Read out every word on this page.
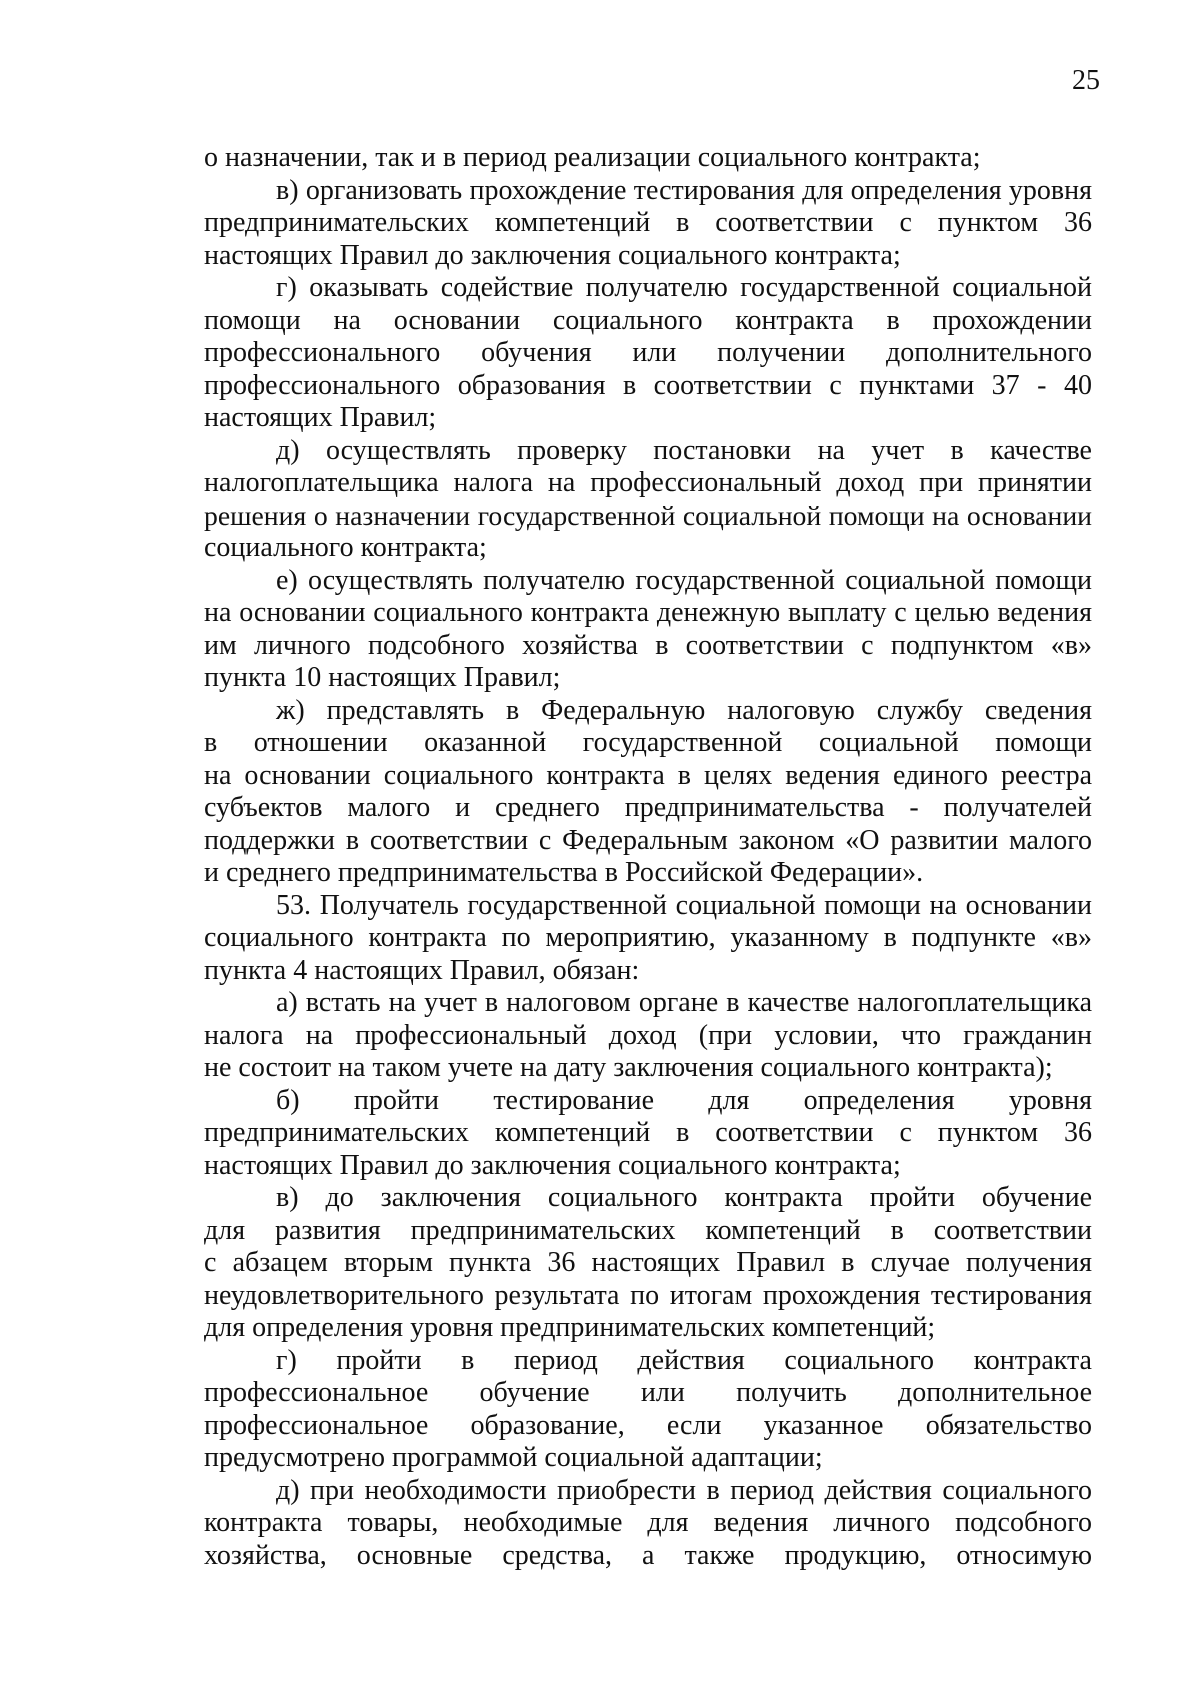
25
о назначении, так и в период реализации социального контракта;
в) организовать прохождение тестирования для определения уровня
предпринимательских компетенций в соответствии с пунктом 36
настоящих Правил до заключения социального контракта;
г) оказывать содействие получателю государственной социальной
помощи на основании социального контракта в прохождении
профессионального обучения или получении дополнительного
профессионального образования в соответствии с пунктами 37 - 40
настоящих Правил;
д) осуществлять проверку постановки на учет в качестве
налогоплательщика налога на профессиональный доход при принятии
решения о назначении государственной социальной помощи на основании
социального контракта;
е) осуществлять получателю государственной социальной помощи
на основании социального контракта денежную выплату с целью ведения
им личного подсобного хозяйства в соответствии с подпунктом «в»
пункта 10 настоящих Правил;
ж) представлять в Федеральную налоговую службу сведения
в отношении оказанной государственной социальной помощи
на основании социального контракта в целях ведения единого реестра
субъектов малого и среднего предпринимательства - получателей
поддержки в соответствии с Федеральным законом «О развитии малого
и среднего предпринимательства в Российской Федерации».
53. Получатель государственной социальной помощи на основании
социального контракта по мероприятию, указанному в подпункте «в»
пункта 4 настоящих Правил, обязан:
а) встать на учет в налоговом органе в качестве налогоплательщика
налога на профессиональный доход (при условии, что гражданин
не состоит на таком учете на дату заключения социального контракта);
б) пройти тестирование для определения уровня
предпринимательских компетенций в соответствии с пунктом 36
настоящих Правил до заключения социального контракта;
в) до заключения социального контракта пройти обучение
для развития предпринимательских компетенций в соответствии
с абзацем вторым пункта 36 настоящих Правил в случае получения
неудовлетворительного результата по итогам прохождения тестирования
для определения уровня предпринимательских компетенций;
г) пройти в период действия социального контракта
профессиональное обучение или получить дополнительное
профессиональное образование, если указанное обязательство
предусмотрено программой социальной адаптации;
д) при необходимости приобрести в период действия социального
контракта товары, необходимые для ведения личного подсобного
хозяйства, основные средства, а также продукцию, относимую
